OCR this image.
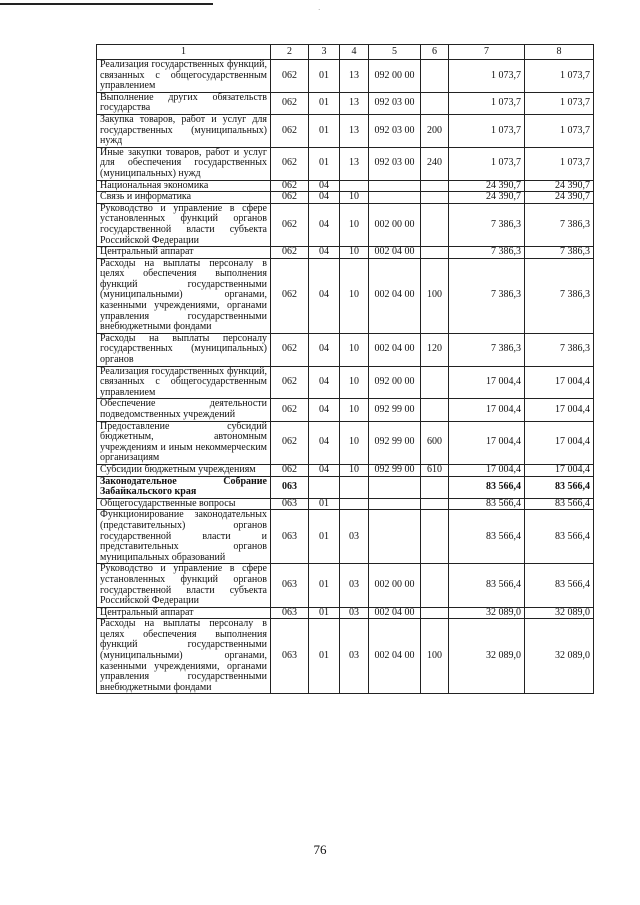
·
1	2	3	4	5	6	7	8
Реализация государственных функций, связанных с общегосударственным управлением	062	01	13	092 00 00		1 073,7	1 073,7
Выполнение других обязательств государства	062	01	13	092 03 00		1 073,7	1 073,7
Закупка товаров, работ и услуг для государственных (муниципальных) нужд	062	01	13	092 03 00	200	1 073,7	1 073,7
Иные закупки товаров, работ и услуг для обеспечения государственных (муниципальных) нужд	062	01	13	092 03 00	240	1 073,7	1 073,7
Национальная экономика	062	04				24 390,7	24 390,7
Связь и информатика	062	04	10			24 390,7	24 390,7
Руководство и управление в сфере установленных функций органов государственной власти субъекта Российской Федерации	062	04	10	002 00 00		7 386,3	7 386,3
Центральный аппарат	062	04	10	002 04 00		7 386,3	7 386,3
Расходы на выплаты персоналу в целях обеспечения выполнения функций государственными (муниципальными) органами, казенными учреждениями, органами управления государственными внебюджетными фондами	062	04	10	002 04 00	100	7 386,3	7 386,3
Расходы на выплаты персоналу государственных (муниципальных) органов	062	04	10	002 04 00	120	7 386,3	7 386,3
Реализация государственных функций, связанных с общегосударственным управлением	062	04	10	092 00 00		17 004,4	17 004,4
Обеспечение деятельности подведомственных учреждений	062	04	10	092 99 00		17 004,4	17 004,4
Предоставление субсидий бюджетным, автономным учреждениям и иным некоммерческим организациям	062	04	10	092 99 00	600	17 004,4	17 004,4
Субсидии бюджетным учреждениям	062	04	10	092 99 00	610	17 004,4	17 004,4
Законодательное Собрание Забайкальского края	063					83 566,4	83 566,4
Общегосударственные вопросы	063	01				83 566,4	83 566,4
Функционирование законодательных (представительных) органов государственной власти и представительных органов муниципальных образований	063	01	03			83 566,4	83 566,4
Руководство и управление в сфере установленных функций органов государственной власти субъекта Российской Федерации	063	01	03	002 00 00		83 566,4	83 566,4
Центральный аппарат	063	01	03	002 04 00		32 089,0	32 089,0
Расходы на выплаты персоналу в целях обеспечения выполнения функций государственными (муниципальными) органами, казенными учреждениями, органами управления государственными внебюджетными фондами	063	01	03	002 04 00	100	32 089,0	32 089,0
76
